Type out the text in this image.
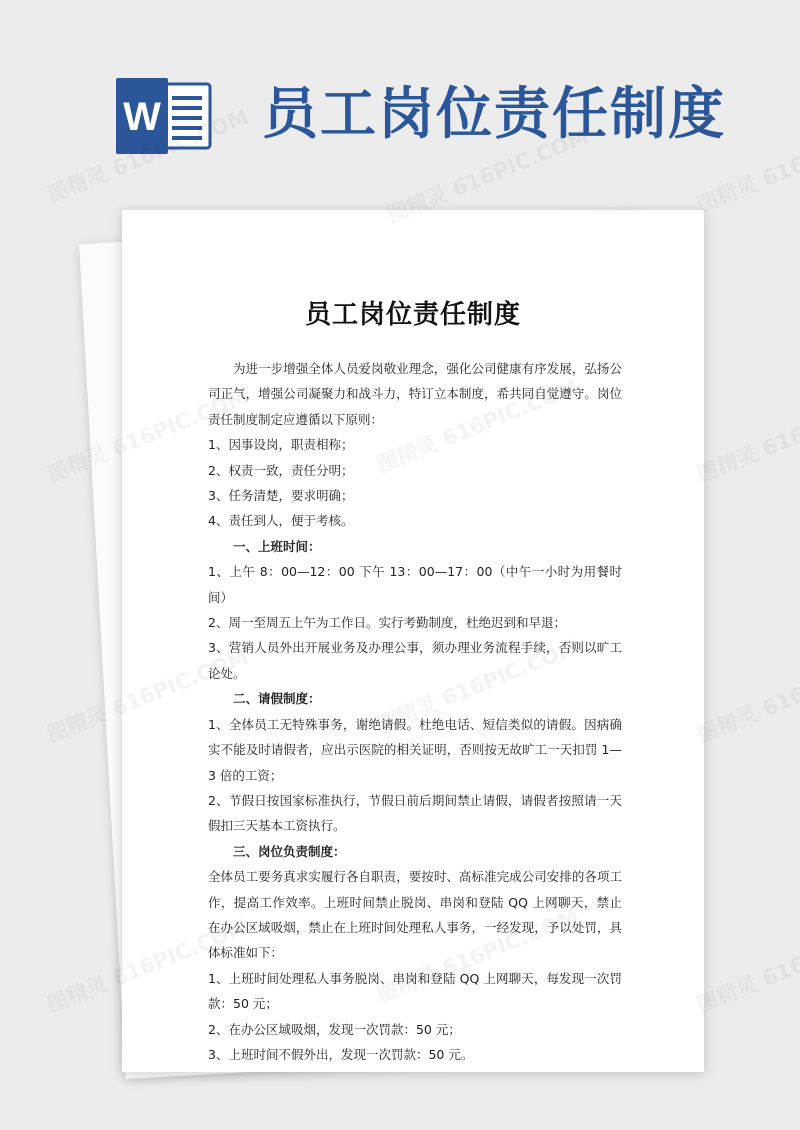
W 员工岗位责任制度
员工岗位责任制度

为进一步增强全体人员爱岗敬业理念，强化公司健康有序发展，弘扬公司正气，增强公司凝聚力和战斗力，特订立本制度，希共同自觉遵守。岗位责任制度制定应遵循以下原则：

1、因事设岗，职责相称；

2、权责一致，责任分明；

3、任务清楚，要求明确；

4、责任到人，便于考核。

一、上班时间：

1、上午 8：00—12：00 下午 13：00—17：00（中午一小时为用餐时间）

2、周一至周五上午为工作日。实行考勤制度，杜绝迟到和早退；

3、营销人员外出开展业务及办理公事，须办理业务流程手续，否则以旷工论处。

二、请假制度：

1、全体员工无特殊事务，谢绝请假。杜绝电话、短信类似的请假。因病确实不能及时请假者，应出示医院的相关证明，否则按无故旷工一天扣罚 1—3 倍的工资；

2、节假日按国家标准执行，节假日前后期间禁止请假，请假者按照请一天假扣三天基本工资执行。

三、岗位负责制度：

全体员工要务真求实履行各自职责，要按时、高标准完成公司安排的各项工作，提高工作效率。上班时间禁止脱岗、串岗和登陆 QQ 上网聊天，禁止在办公区域吸烟，禁止在上班时间处理私人事务，一经发现，予以处罚，具体标准如下：

1、上班时间处理私人事务脱岗、串岗和登陆 QQ 上网聊天，每发现一次罚款：50 元；

2、在办公区域吸烟，发现一次罚款：50 元；

3、上班时间不假外出，发现一次罚款：50 元。
